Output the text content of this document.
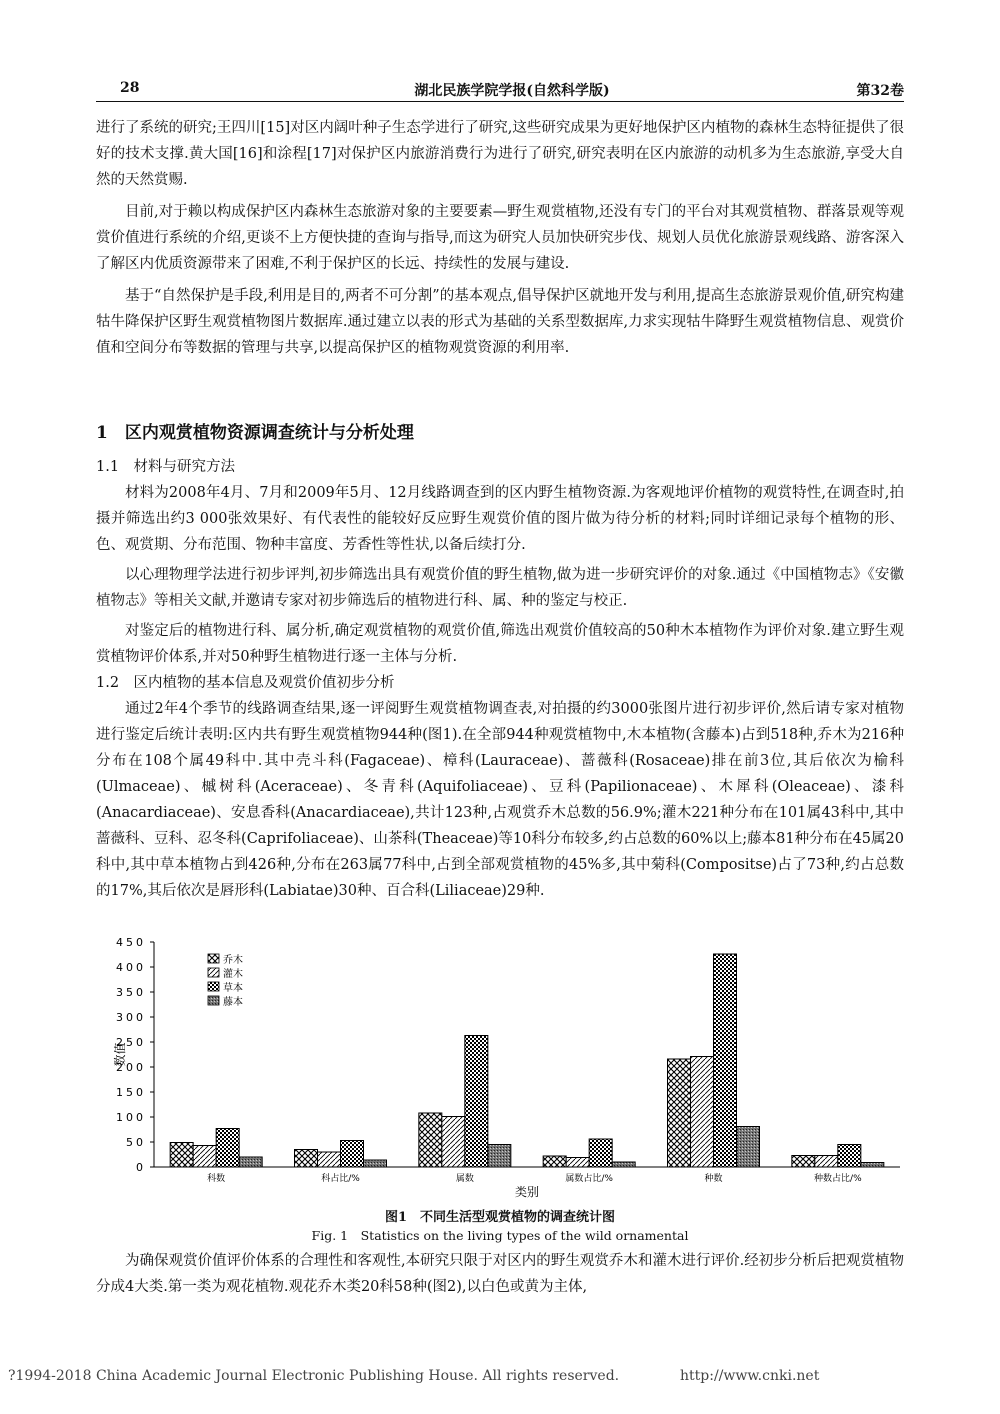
28	湖北民族学院学报(自然科学版)	第32卷

进行了系统的研究;王四川[15]对区内阔叶种子生态学进行了研究,这些研究成果为更好地保护区内植物的森林生态特征提供了很好的技术支撑.黄大国[16]和涂程[17]对保护区内旅游消费行为进行了研究,研究表明在区内旅游的动机多为生态旅游,享受大自然的天然赏赐.

目前,对于赖以构成保护区内森林生态旅游对象的主要要素—野生观赏植物,还没有专门的平台对其观赏植物、群落景观等观赏价值进行系统的介绍,更谈不上方便快捷的查询与指导,而这为研究人员加快研究步伐、规划人员优化旅游景观线路、游客深入了解区内优质资源带来了困难,不利于保护区的长远、持续性的发展与建设.

基于“自然保护是手段,利用是目的,两者不可分割”的基本观点,倡导保护区就地开发与利用,提高生态旅游景观价值,研究构建牯牛降保护区野生观赏植物图片数据库.通过建立以表的形式为基础的关系型数据库,力求实现牯牛降野生观赏植物信息、观赏价值和空间分布等数据的管理与共享,以提高保护区的植物观赏资源的利用率.

1　区内观赏植物资源调查统计与分析处理
1.1　材料与研究方法

材料为2008年4月、7月和2009年5月、12月线路调查到的区内野生植物资源.为客观地评价植物的观赏特性,在调查时,拍摄并筛选出约3 000张效果好、有代表性的能较好反应野生观赏价值的图片做为待分析的材料;同时详细记录每个植物的形、色、观赏期、分布范围、物种丰富度、芳香性等性状,以备后续打分.

以心理物理学法进行初步评判,初步筛选出具有观赏价值的野生植物,做为进一步研究评价的对象.通过《中国植物志》《安徽植物志》等相关文献,并邀请专家对初步筛选后的植物进行科、属、种的鉴定与校正.

对鉴定后的植物进行科、属分析,确定观赏植物的观赏价值,筛选出观赏价值较高的50种木本植物作为评价对象.建立野生观赏植物评价体系,并对50种野生植物进行逐一主体与分析.

1.2　区内植物的基本信息及观赏价值初步分析

通过2年4个季节的线路调查结果,逐一评阅野生观赏植物调查表,对拍摄的约3000张图片进行初步评价,然后请专家对植物进行鉴定后统计表明:区内共有野生观赏植物944种(图1).在全部944种观赏植物中,木本植物(含藤本)占到518种,乔木为216种分布在108个属49科中.其中壳斗科(Fagaceae)、樟科(Lauraceae)、蔷薇科(Rosaceae)排在前3位,其后依次为榆科(Ulmaceae)、槭树科(Aceraceae)、冬青科(Aquifoliaceae)、豆科(Papilionaceae)、木犀科(Oleaceae)、漆科(Anacardiaceae)、安息香科(Anacardiaceae),共计123种,占观赏乔木总数的56.9%;灌木221种分布在101属43科中,其中蔷薇科、豆科、忍冬科(Caprifoliaceae)、山茶科(Theaceae)等10科分布较多,约占总数的60%以上;藤本81种分布在45属20科中,其中草本植物占到426种,分布在263属77科中,占到全部观赏植物的45%多,其中菊科(Compositse)占了73种,约占总数的17%,其后依次是唇形科(Labiatae)30种、百合科(Liliaceae)29种.

0
50
100
150
200
250
300
350
400
450
数值
类别
科数	科占比/%	属数	属数占比/%	种数	种数占比/%
乔木
灌木
草本
藤本
图1　不同生活型观赏植物的调查统计图
Fig. 1　Statistics on the living types of the wild ornamental

为确保观赏价值评价体系的合理性和客观性,本研究只限于对区内的野生观赏乔木和灌木进行评价.经初步分析后把观赏植物分成4大类.第一类为观花植物.观花乔木类20科58种(图2),以白色或黄为主体,

?1994-2018 China Academic Journal Electronic Publishing House. All rights reserved.	http://www.cnki.net
